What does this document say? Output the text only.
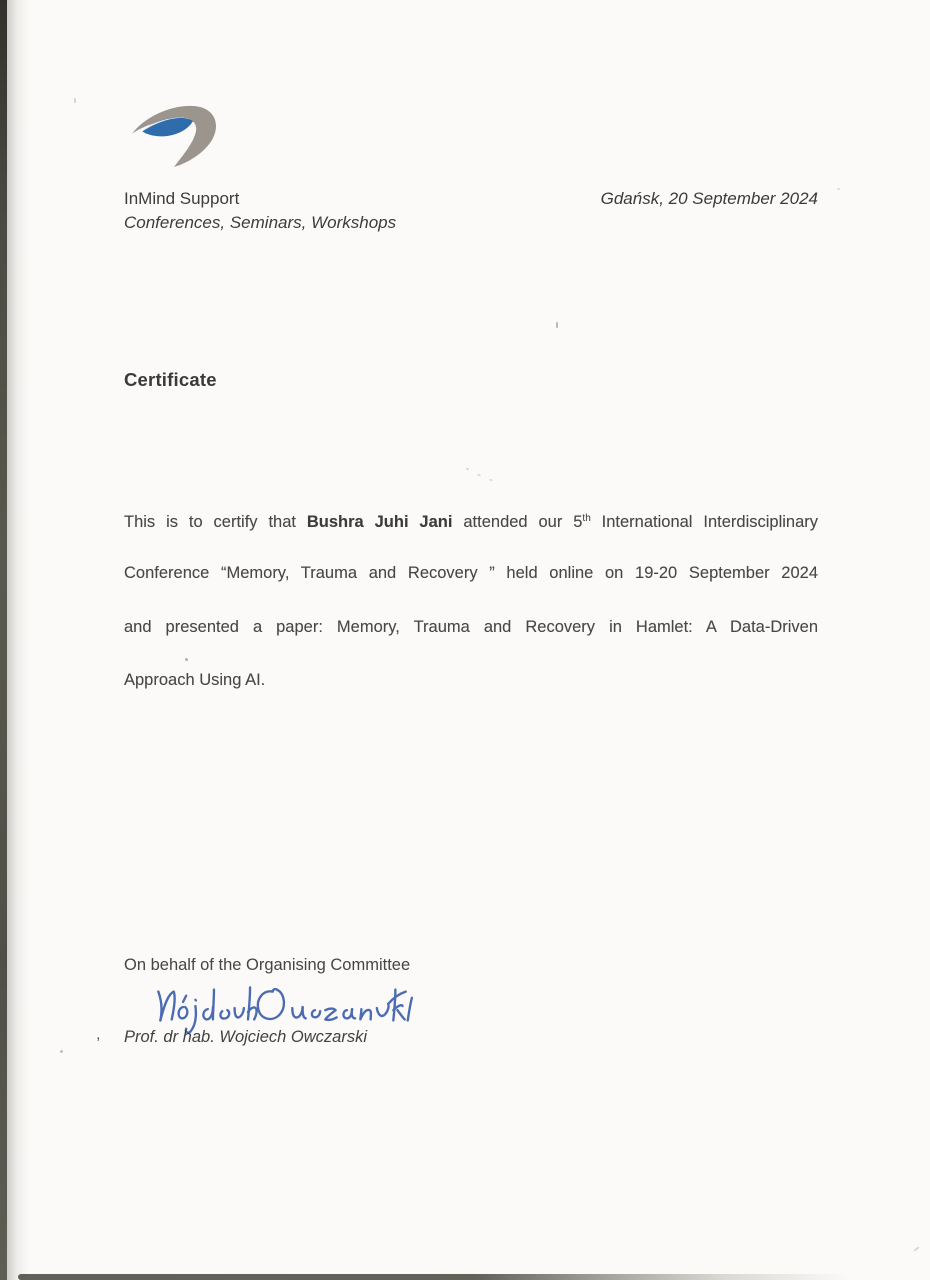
InMind Support
Conferences, Seminars, Workshops
Gdańsk, 20 September 2024
Certificate
This is to certify that Bushra Juhi Jani attended our 5th International Interdisciplinary
Conference “Memory, Trauma and Recovery ” held online on 19-20 September 2024
and presented a paper: Memory, Trauma and Recovery in Hamlet: A Data-Driven
Approach Using AI.
On behalf of the Organising Committee
, Prof. dr hab. Wojciech Owczarski
